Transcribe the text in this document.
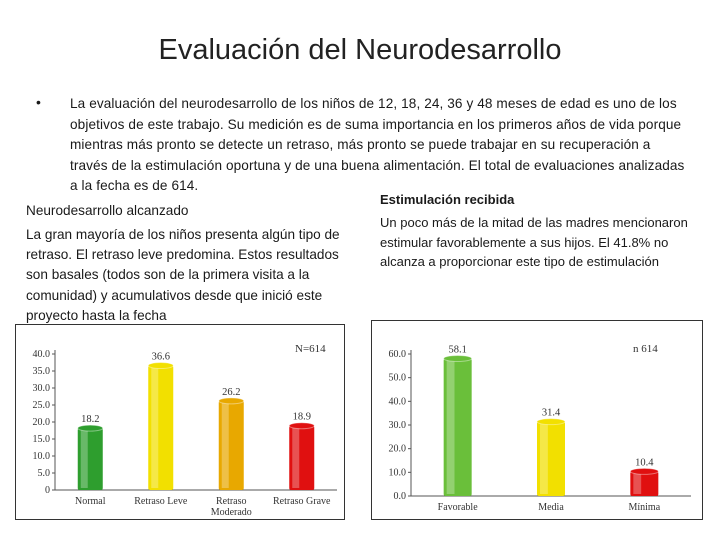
Evaluación del Neurodesarrollo
• La evaluación del neurodesarrollo de los niños de 12, 18, 24, 36 y 48 meses de edad es uno de los objetivos de este trabajo. Su medición es de suma importancia en los primeros años de vida porque mientras más pronto se detecte un retraso, más pronto se puede trabajar en su recuperación a través de la estimulación oportuna y de una buena alimentación. El total de evaluaciones analizadas a la fecha es de 614.
Neurodesarrollo alcanzado
La gran mayoría de los niños presenta algún tipo de retraso. El retraso leve predomina. Estos resultados son basales (todos son de la primera visita a la comunidad) y acumulativos desde que inició este proyecto hasta la fecha
Estimulación recibida
Un poco más de la mitad de las madres mencionaron estimular favorablemente a sus hijos. El 41.8% no alcanza a proporcionar este tipo de estimulación
0
5.0
10.0
15.0
20.0
25.0
30.0
35.0
40.0
18.2
Normal
36.6
Retraso Leve
26.2
Retraso
Moderado
18.9
Retraso Grave
N=614
0.0
10.0
20.0
30.0
40.0
50.0
60.0	58.1
Favorable
31.4
Media
10.4
Mínima
n 614
